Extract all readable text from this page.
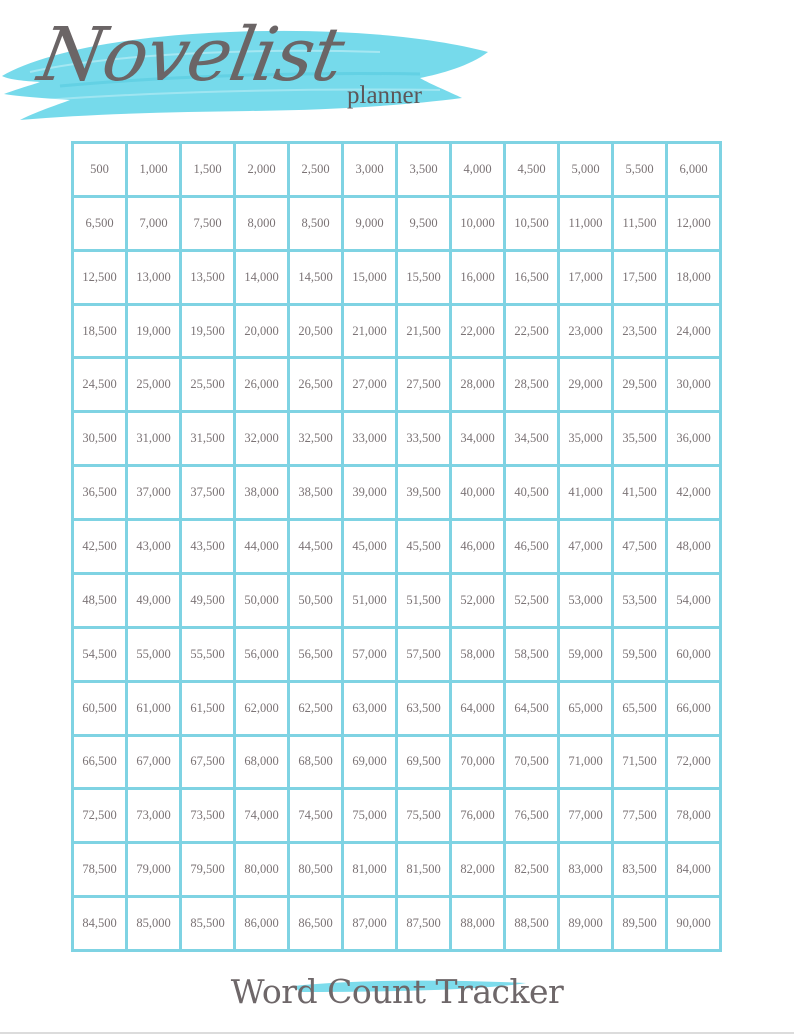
Novelist
planner
500	1,000	1,500	2,000	2,500	3,000	3,500	4,000	4,500	5,000	5,500	6,000
6,500	7,000	7,500	8,000	8,500	9,000	9,500	10,000	10,500	11,000	11,500	12,000
12,500	13,000	13,500	14,000	14,500	15,000	15,500	16,000	16,500	17,000	17,500	18,000
18,500	19,000	19,500	20,000	20,500	21,000	21,500	22,000	22,500	23,000	23,500	24,000
24,500	25,000	25,500	26,000	26,500	27,000	27,500	28,000	28,500	29,000	29,500	30,000
30,500	31,000	31,500	32,000	32,500	33,000	33,500	34,000	34,500	35,000	35,500	36,000
36,500	37,000	37,500	38,000	38,500	39,000	39,500	40,000	40,500	41,000	41,500	42,000
42,500	43,000	43,500	44,000	44,500	45,000	45,500	46,000	46,500	47,000	47,500	48,000
48,500	49,000	49,500	50,000	50,500	51,000	51,500	52,000	52,500	53,000	53,500	54,000
54,500	55,000	55,500	56,000	56,500	57,000	57,500	58,000	58,500	59,000	59,500	60,000
60,500	61,000	61,500	62,000	62,500	63,000	63,500	64,000	64,500	65,000	65,500	66,000
66,500	67,000	67,500	68,000	68,500	69,000	69,500	70,000	70,500	71,000	71,500	72,000
72,500	73,000	73,500	74,000	74,500	75,000	75,500	76,000	76,500	77,000	77,500	78,000
78,500	79,000	79,500	80,000	80,500	81,000	81,500	82,000	82,500	83,000	83,500	84,000
84,500	85,000	85,500	86,000	86,500	87,000	87,500	88,000	88,500	89,000	89,500	90,000
Word Count Tracker
